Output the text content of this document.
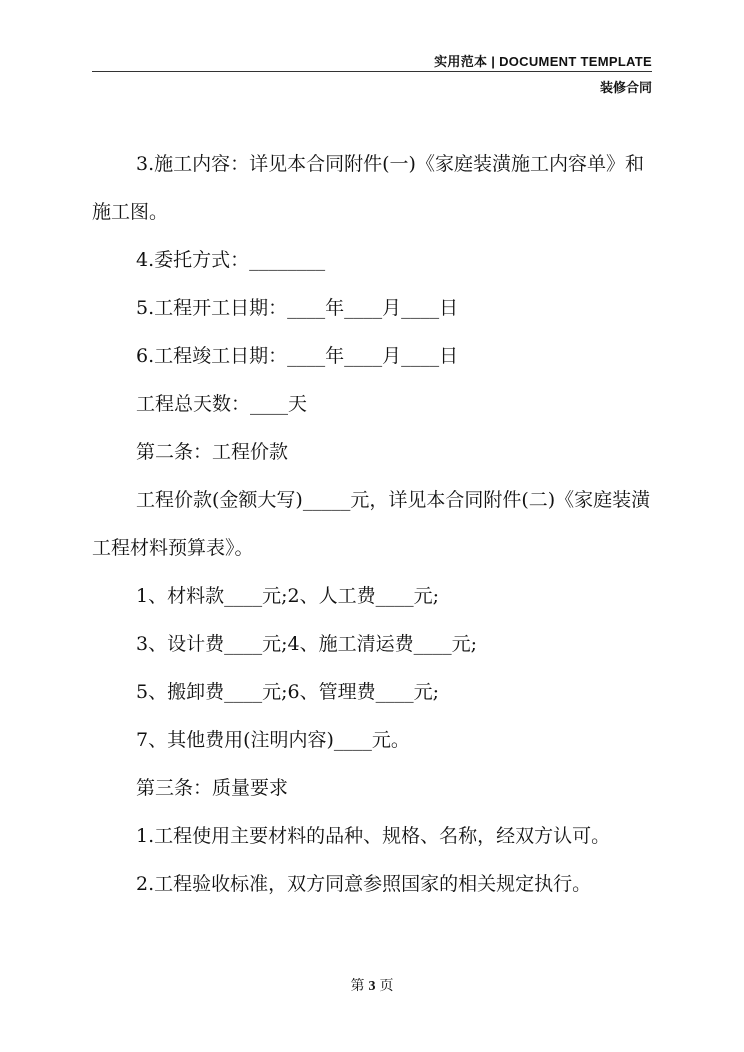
实用范本 | DOCUMENT TEMPLATE
装修合同
3.施工内容：详见本合同附件(一)《家庭装潢施工内容单》和
施工图。
4.委托方式：________
5.工程开工日期：____年____月____日
6.工程竣工日期：____年____月____日
工程总天数：____天
第二条：工程价款
工程价款(金额大写)_____元，详见本合同附件(二)《家庭装潢
工程材料预算表》。
1、材料款____元;2、人工费____元;
3、设计费____元;4、施工清运费____元;
5、搬卸费____元;6、管理费____元;
7、其他费用(注明内容)____元。
第三条：质量要求
1.工程使用主要材料的品种、规格、名称，经双方认可。
2.工程验收标准，双方同意参照国家的相关规定执行。
第 3 页
